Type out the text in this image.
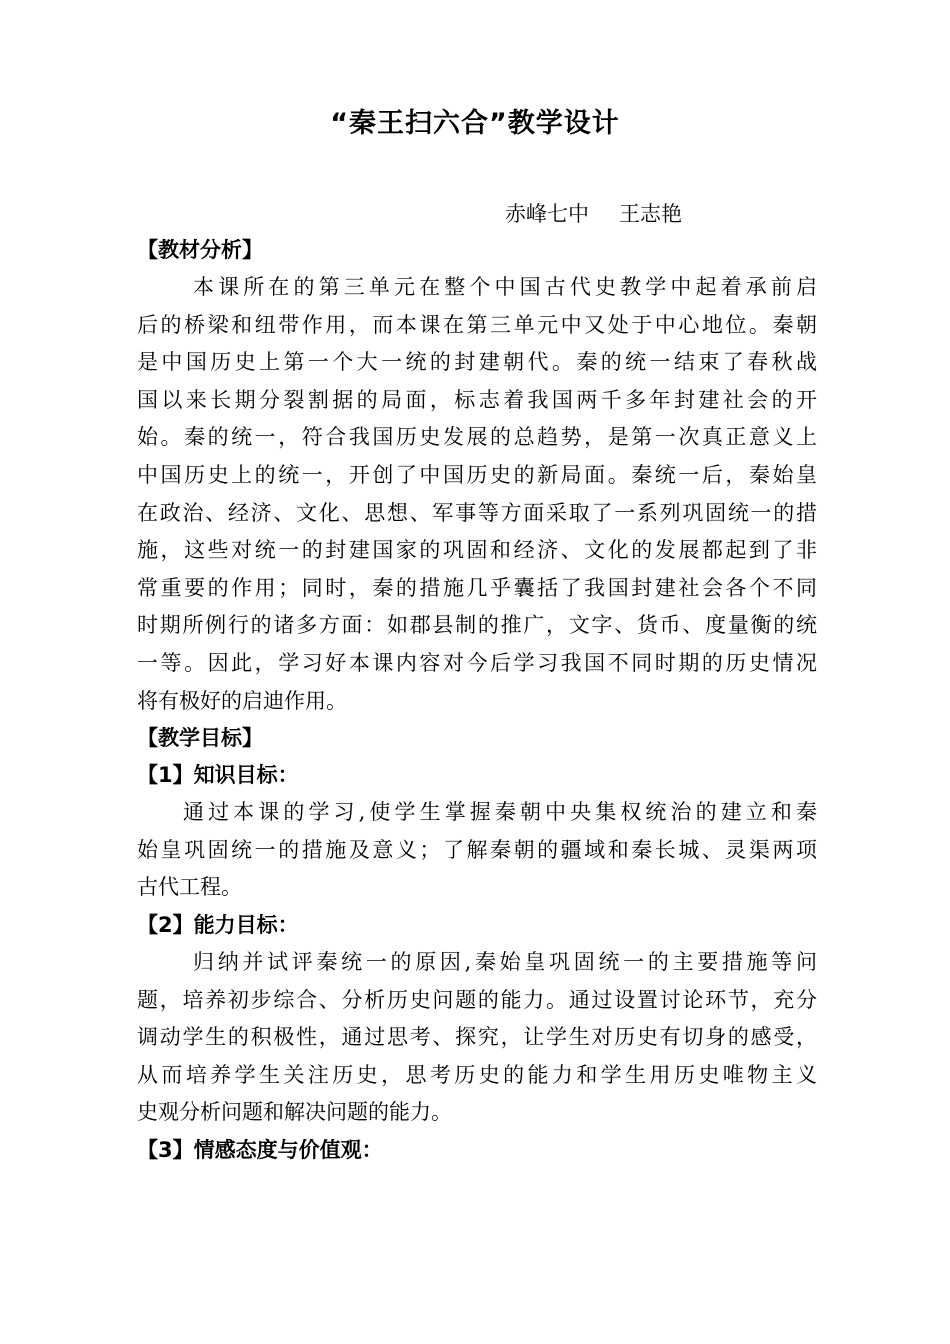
“秦王扫六合”教学设计
赤峰七中 王志艳
【教材分析】
本课所在的第三单元在整个中国古代史教学中起着承前启
后的桥梁和纽带作用，而本课在第三单元中又处于中心地位。秦朝
是中国历史上第一个大一统的封建朝代。秦的统一结束了春秋战
国以来长期分裂割据的局面，标志着我国两千多年封建社会的开
始。秦的统一，符合我国历史发展的总趋势，是第一次真正意义上
中国历史上的统一，开创了中国历史的新局面。秦统一后，秦始皇
在政治、经济、文化、思想、军事等方面采取了一系列巩固统一的措
施，这些对统一的封建国家的巩固和经济、文化的发展都起到了非
常重要的作用；同时，秦的措施几乎囊括了我国封建社会各个不同
时期所例行的诸多方面：如郡县制的推广，文字、货币、度量衡的统
一等。因此，学习好本课内容对今后学习我国不同时期的历史情况
将有极好的启迪作用。
【教学目标】
【1】知识目标：
通过本课的学习,使学生掌握秦朝中央集权统治的建立和秦
始皇巩固统一的措施及意义；了解秦朝的疆域和秦长城、灵渠两项
古代工程。
【2】能力目标：
归纳并试评秦统一的原因,秦始皇巩固统一的主要措施等问
题，培养初步综合、分析历史问题的能力。通过设置讨论环节，充分
调动学生的积极性，通过思考、探究，让学生对历史有切身的感受，
从而培养学生关注历史，思考历史的能力和学生用历史唯物主义
史观分析问题和解决问题的能力。
【3】情感态度与价值观：
